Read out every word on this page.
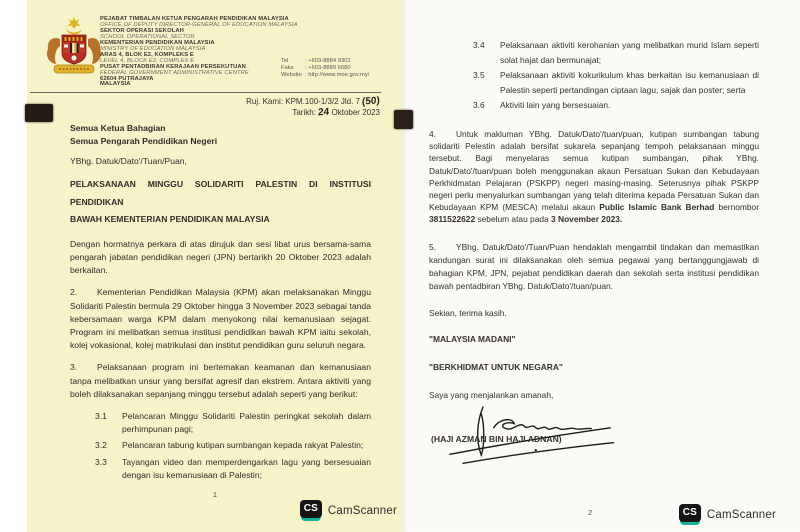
PEJABAT TIMBALAN KETUA PENGARAH PENDIDIKAN MALAYSIA
OFFICE OF DEPUTY DIRECTOR-GENERAL OF EDUCATION MALAYSIA
SEKTOR OPERASI SEKOLAH
SCHOOL OPERATIONAL SECTOR
KEMENTERIAN PENDIDIKAN MALAYSIA
MINISTRY OF EDUCATION MALAYSIA
ARAS 4, BLOK E2, KOMPLEKS E
LEVEL 4, BLOCK E2, COMPLEX E
PUSAT PENTADBIRAN KERAJAAN PERSEKUTUAN
FEDERAL GOVERNMENT ADMINISTRATIVE CENTRE
62604 PUTRAJAYA
MALAYSIA
Tel	: +603-8884 9302
Faks	: +603-8889 6680
Website : http://www.moe.gov.my/
Ruj. Kami: KPM.100-1/3/2 Jld. 7 (50)
Tarikh: 24 Oktober 2023

Semua Ketua Bahagian
Semua Pengarah Pendidikan Negeri

YBhg. Datuk/Dato'/Tuan/Puan,

PELAKSANAAN MINGGU SOLIDARITI PALESTIN DI INSTITUSI PENDIDIKAN
BAWAH KEMENTERIAN PENDIDIKAN MALAYSIA

Dengan hormatnya perkara di atas dirujuk dan sesi libat urus bersama-sama pengarah jabatan pendidikan negeri (JPN) bertarikh 20 Oktober 2023 adalah berkaitan.

2. Kementerian Pendidikan Malaysia (KPM) akan melaksanakan Minggu Solidariti Palestin bermula 29 Oktober hingga 3 November 2023 sebagai tanda kebersamaan warga KPM dalam menyokong nilai kemanusiaan sejagat. Program ini melibatkan semua institusi pendidikan bawah KPM iaitu sekolah, kolej vokasional, kolej matrikulasi dan institut pendidikan guru seluruh negara.

3. Pelaksanaan program ini bertemakan keamanan dan kemanusiaan tanpa melibatkan unsur yang bersifat agresif dan ekstrem. Antara aktiviti yang boleh dilaksanakan sepanjang minggu tersebut adalah seperti yang berikut:

3.1	Pelancaran Minggu Solidariti Palestin peringkat sekolah dalam perhimpunan pagi;
3.2	Pelancaran tabung kutipan sumbangan kepada rakyat Palestin;
3.3	Tayangan video dan memperdengarkan lagu yang bersesuaian dengan isu kemanusiaan di Palestin;
1
CS CamScanner
3.4	Pelaksanaan aktiviti kerohanian yang melibatkan murid Islam seperti solat hajat dan bermunajat;
3.5	Pelaksanaan aktiviti kokurikulum khas berkaitan isu kemanusiaan di Palestin seperti pertandingan ciptaan lagu, sajak dan poster; serta
3.6	Aktiviti lain yang bersesuaian.

4. Untuk makluman YBhg. Datuk/Dato'/tuan/puan, kutipan sumbangan tabung solidariti Pelestin adalah bersifat sukarela sepanjang tempoh pelaksanaan minggu tersebut. Bagi menyelaras semua kutipan sumbangan, pihak YBhg. Datuk/Dato'/tuan/puan boleh menggunakan akaun Persatuan Sukan dan Kebudayaan Perkhidmatan Pelajaran (PSKPP) negeri masing-masing. Seterusnya pihak PSKPP negeri perlu menyalurkan sumbangan yang telah diterima kepada Persatuan Sukan dan Kebudayaan KPM (MESCA) melalui akaun Public Islamic Bank Berhad bernombor 3811522622 sebelum atau pada 3 November 2023.

5. YBhg. Datuk/Dato'/Tuan/Puan hendaklah mengambil tindakan dan memastikan kandungan surat ini dilaksanakan oleh semua pegawai yang bertanggungjawab di bahagian KPM, JPN, pejabat pendidikan daerah dan sekolah serta institusi pendidikan bawah pentadbiran YBhg. Datuk/Dato'/tuan/puan.

Sekian, terima kasih.

"MALAYSIA MADANI"

"BERKHIDMAT UNTUK NEGARA"

Saya yang menjalankan amanah,

(HAJI AZMAN BIN HAJI ADNAN)
2	CS CamScanner
